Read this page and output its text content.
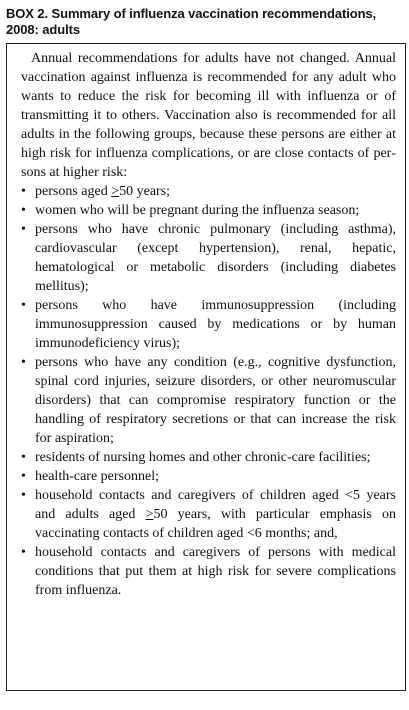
BOX 2. Summary of influenza vaccination recommendations,
2008: adults

Annual recommendations for adults have not changed. Annual vaccination against influenza is recommended for any adult who wants to reduce the risk for becoming ill with influenza or of transmitting it to others. Vaccination also is recommended for all adults in the following groups, because these persons are either at high risk for influenza complications, or are close contacts of persons at higher risk:

• persons aged ≥50 years;
• women who will be pregnant during the influenza season;
• persons who have chronic pulmonary (including asthma), cardiovascular (except hypertension), renal, hepatic, hematological or metabolic disorders (including diabetes mellitus);
• persons who have immunosuppression (including immunosuppression caused by medications or by human immunodeficiency virus);
• persons who have any condition (e.g., cognitive dysfunction, spinal cord injuries, seizure disorders, or other neuromuscular disorders) that can compromise respiratory function or the handling of respiratory secretions or that can increase the risk for aspiration;
• residents of nursing homes and other chronic-care facilities;
• health-care personnel;
• household contacts and caregivers of children aged <5 years and adults aged ≥50 years, with particular emphasis on vaccinating contacts of children aged <6 months; and,
• household contacts and caregivers of persons with medical conditions that put them at high risk for severe complications from influenza.
